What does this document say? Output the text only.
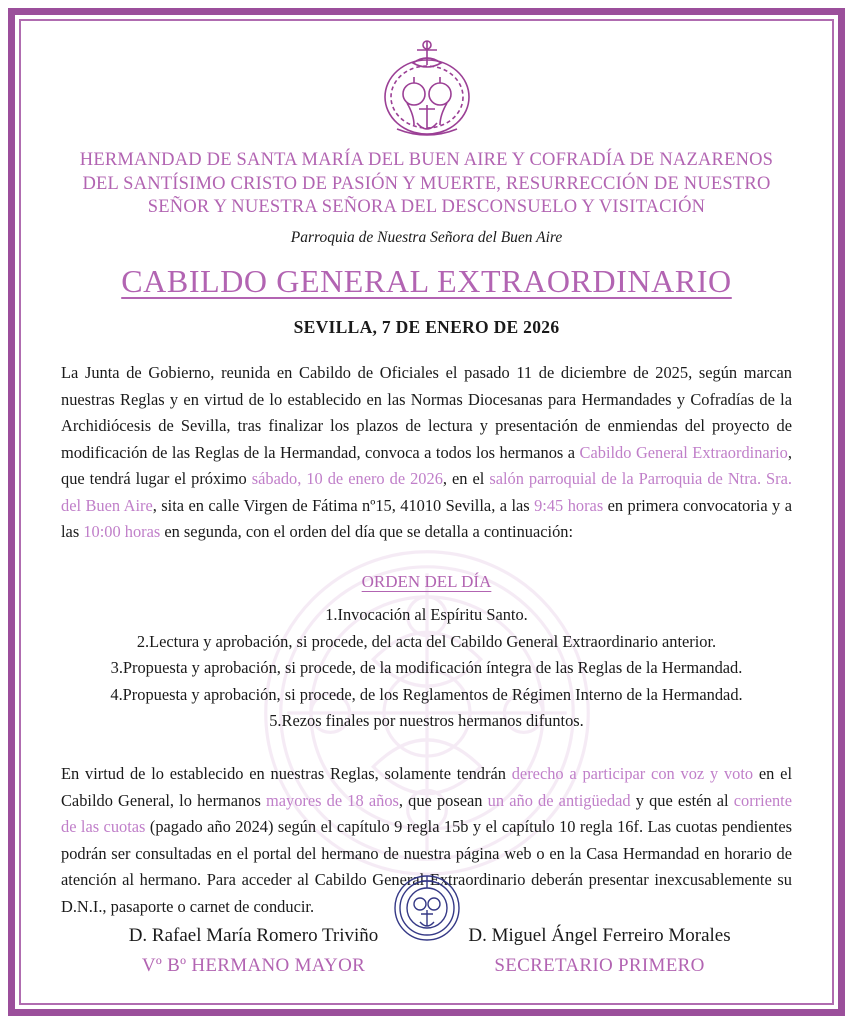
HERMANDAD DE SANTA MARÍA DEL BUEN AIRE Y COFRADÍA DE NAZARENOS
DEL SANTÍSIMO CRISTO DE PASIÓN Y MUERTE, RESURRECCIÓN DE NUESTRO
SEÑOR Y NUESTRA SEÑORA DEL DESCONSUELO Y VISITACIÓN
Parroquia de Nuestra Señora del Buen Aire
CABILDO GENERAL EXTRAORDINARIO
SEVILLA, 7 DE ENERO DE 2026

La Junta de Gobierno, reunida en Cabildo de Oficiales el pasado 11 de diciembre de 2025, según marcan nuestras Reglas y en virtud de lo establecido en las Normas Diocesanas para Hermandades y Cofradías de la Archidiócesis de Sevilla, tras finalizar los plazos de lectura y presentación de enmiendas del proyecto de modificación de las Reglas de la Hermandad, convoca a todos los hermanos a Cabildo General Extraordinario, que tendrá lugar el próximo sábado, 10 de enero de 2026, en el salón parroquial de la Parroquia de Ntra. Sra. del Buen Aire, sita en calle Virgen de Fátima nº15, 41010 Sevilla, a las 9:45 horas en primera convocatoria y a las 10:00 horas en segunda, con el orden del día que se detalla a continuación:

ORDEN DEL DÍA
1.Invocación al Espíritu Santo.
2.Lectura y aprobación, si procede, del acta del Cabildo General Extraordinario anterior.
3.Propuesta y aprobación, si procede, de la modificación íntegra de las Reglas de la Hermandad.
4.Propuesta y aprobación, si procede, de los Reglamentos de Régimen Interno de la Hermandad.
5.Rezos finales por nuestros hermanos difuntos.

En virtud de lo establecido en nuestras Reglas, solamente tendrán derecho a participar con voz y voto en el Cabildo General, lo hermanos mayores de 18 años, que posean un año de antigüedad y que estén al corriente de las cuotas (pagado año 2024) según el capítulo 9 regla 15b y el capítulo 10 regla 16f. Las cuotas pendientes podrán ser consultadas en el portal del hermano de nuestra página web o en la Casa Hermandad en horario de atención al hermano. Para acceder al Cabildo General Extraordinario deberán presentar inexcusablemente su D.N.I., pasaporte o carnet de conducir.

D. Rafael María Romero Triviño
Vº Bº HERMANO MAYOR
D. Miguel Ángel Ferreiro Morales
SECRETARIO PRIMERO
